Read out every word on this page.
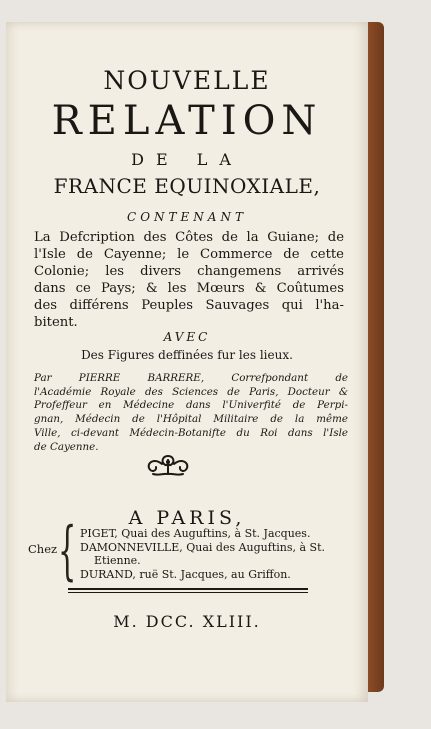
NOUVELLE
RELATION
DE LA
FRANCE EQUINOXIALE,
CONTENANT
La Defcription des Côtes de la Guiane; de
l'Isle de Cayenne; le Commerce de cette
Colonie; les divers changemens arrivés
dans ce Pays; & les Mœurs & Coûtumes
des différens Peuples Sauvages qui l'ha-
bitent.
AVEC
Des Figures deffinées fur les lieux.
Par PIERRE BARRERE, Correfpondant de
l'Académie Royale des Sciences de Paris, Docteur &
Profeffeur en Médecine dans l'Univerfité de Perpi-
gnan, Médecin de l'Hôpital Militaire de la même
Ville, ci-devant Médecin-Botanifte du Roi dans l'Isle
de Cayenne.
A PARIS,
Chez { PIGET, Quai des Auguftins, à St. Jacques.
DAMONNEVILLE, Quai des Auguftins, à St.
Etienne.
DURAND, ruë St. Jacques, au Griffon.
M. DCC. XLIII.
